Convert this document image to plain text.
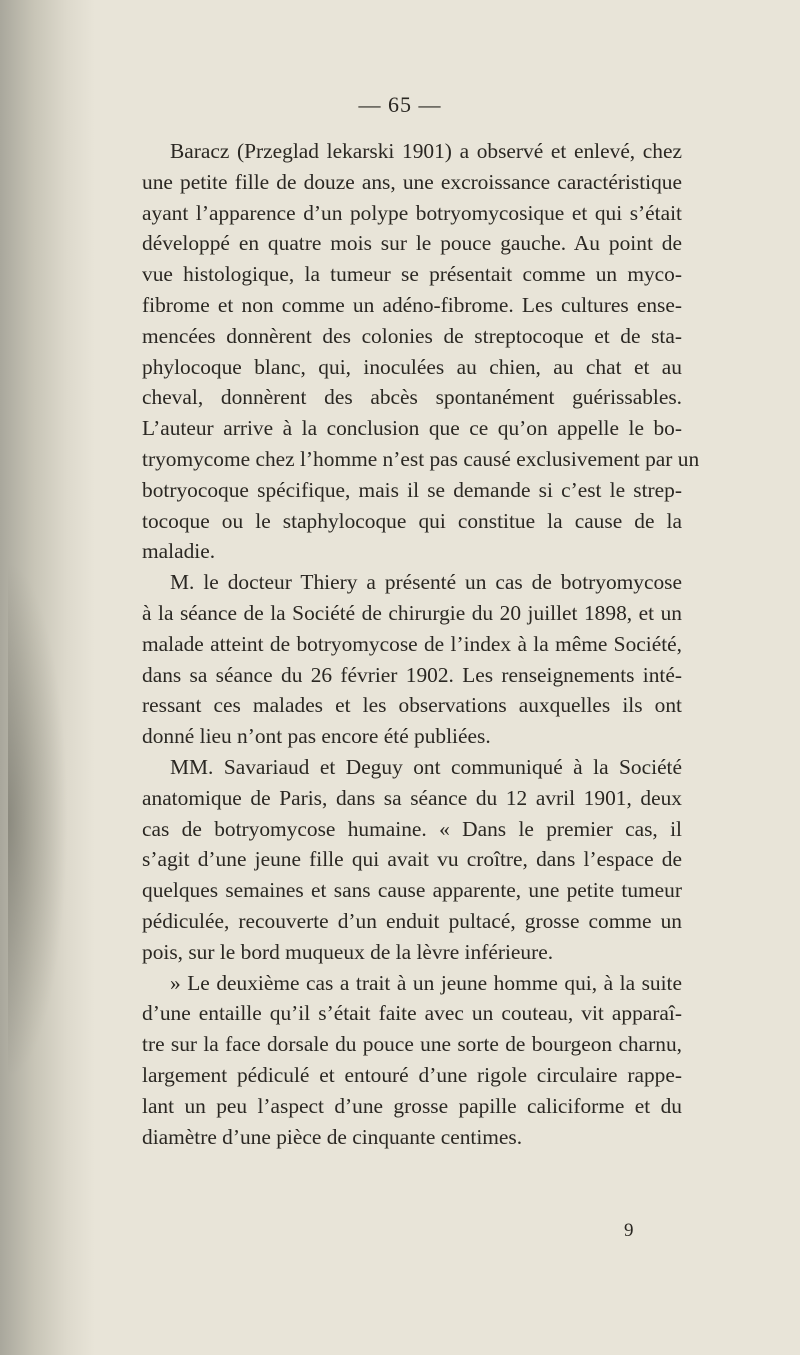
— 65 —
Baracz (Przeglad lekarski 1901) a observé et enlevé, chez
une petite fille de douze ans, une excroissance caractéristique
ayant l’apparence d’un polype botryomycosique et qui s’était
développé en quatre mois sur le pouce gauche. Au point de
vue histologique, la tumeur se présentait comme un myco-
fibrome et non comme un adéno-fibrome. Les cultures ense-
mencées donnèrent des colonies de streptocoque et de sta-
phylocoque blanc, qui, inoculées au chien, au chat et au
cheval, donnèrent des abcès spontanément guérissables.
L’auteur arrive à la conclusion que ce qu’on appelle le bo-
tryomycome chez l’homme n’est pas causé exclusivement par un
botryocoque spécifique, mais il se demande si c’est le strep-
tocoque ou le staphylocoque qui constitue la cause de la
maladie.
M. le docteur Thiery a présenté un cas de botryomycose
à la séance de la Société de chirurgie du 20 juillet 1898, et un
malade atteint de botryomycose de l’index à la même Société,
dans sa séance du 26 février 1902. Les renseignements inté-
ressant ces malades et les observations auxquelles ils ont
donné lieu n’ont pas encore été publiées.
MM. Savariaud et Deguy ont communiqué à la Société
anatomique de Paris, dans sa séance du 12 avril 1901, deux
cas de botryomycose humaine. « Dans le premier cas, il
s’agit d’une jeune fille qui avait vu croître, dans l’espace de
quelques semaines et sans cause apparente, une petite tumeur
pédiculée, recouverte d’un enduit pultacé, grosse comme un
pois, sur le bord muqueux de la lèvre inférieure.
» Le deuxième cas a trait à un jeune homme qui, à la suite
d’une entaille qu’il s’était faite avec un couteau, vit apparaî-
tre sur la face dorsale du pouce une sorte de bourgeon charnu,
largement pédiculé et entouré d’une rigole circulaire rappe-
lant un peu l’aspect d’une grosse papille caliciforme et du
diamètre d’une pièce de cinquante centimes.
9
